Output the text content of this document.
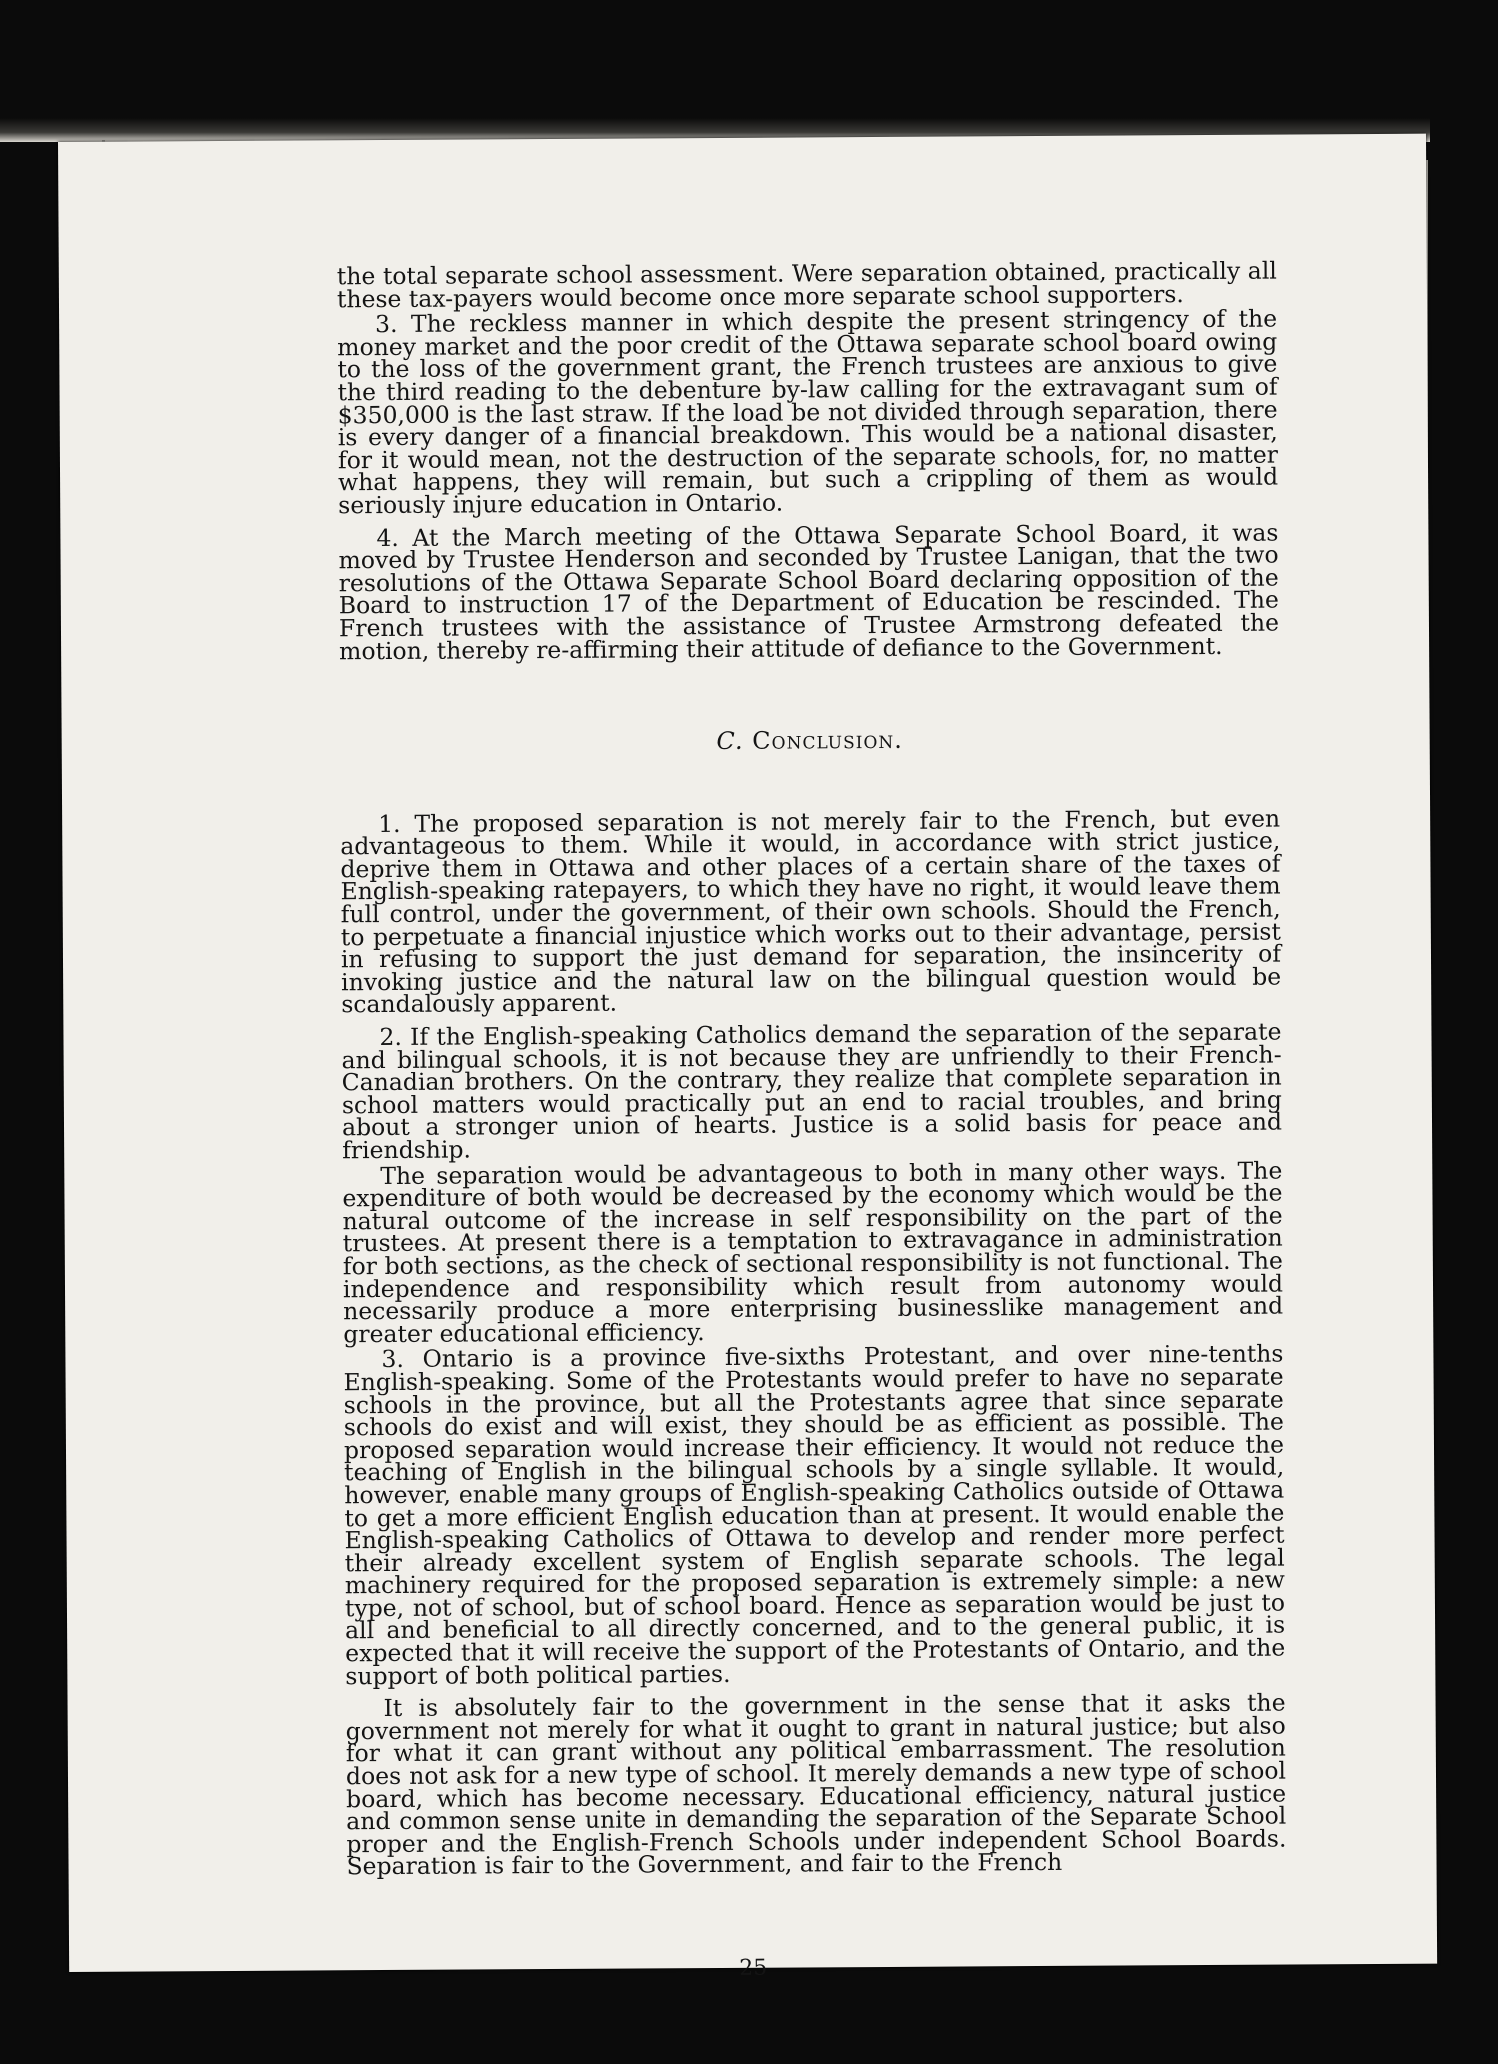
the total separate school assessment. Were separation obtained, practically all these tax-payers would become once more separate school supporters.

3. The reckless manner in which despite the present stringency of the money market and the poor credit of the Ottawa separate school board owing to the loss of the government grant, the French trustees are anxious to give the third reading to the debenture by-law calling for the extravagant sum of $350,000 is the last straw. If the load be not divided through separation, there is every danger of a financial breakdown. This would be a national disaster, for it would mean, not the destruction of the separate schools, for, no matter what happens, they will remain, but such a crippling of them as would seriously injure education in Ontario.

4. At the March meeting of the Ottawa Separate School Board, it was moved by Trustee Henderson and seconded by Trustee Lanigan, that the two resolutions of the Ottawa Separate School Board declaring opposition of the Board to instruction 17 of the Department of Education be rescinded. The French trustees with the assistance of Trustee Armstrong defeated the motion, thereby re-affirming their attitude of defiance to the Government.

C. Conclusion.

1. The proposed separation is not merely fair to the French, but even advantageous to them. While it would, in accordance with strict justice, deprive them in Ottawa and other places of a certain share of the taxes of English-speaking ratepayers, to which they have no right, it would leave them full control, under the government, of their own schools. Should the French, to perpetuate a financial injustice which works out to their advantage, persist in refusing to support the just demand for separation, the insincerity of invoking justice and the natural law on the bilingual question would be scandalously apparent.

2. If the English-speaking Catholics demand the separation of the separate and bilingual schools, it is not because they are unfriendly to their French-Canadian brothers. On the contrary, they realize that complete separation in school matters would practically put an end to racial troubles, and bring about a stronger union of hearts. Justice is a solid basis for peace and friendship.

The separation would be advantageous to both in many other ways. The expenditure of both would be decreased by the economy which would be the natural outcome of the increase in self responsibility on the part of the trustees. At present there is a temptation to extravagance in administration for both sections, as the check of sectional responsibility is not functional. The independence and responsibility which result from autonomy would necessarily produce a more enterprising businesslike management and greater educational efficiency.

3. Ontario is a province five-sixths Protestant, and over nine-tenths English-speaking. Some of the Protestants would prefer to have no separate schools in the province, but all the Protestants agree that since separate schools do exist and will exist, they should be as efficient as possible. The proposed separation would increase their efficiency. It would not reduce the teaching of English in the bilingual schools by a single syllable. It would, however, enable many groups of English-speaking Catholics outside of Ottawa to get a more efficient English education than at present. It would enable the English-speaking Catholics of Ottawa to develop and render more perfect their already excellent system of English separate schools. The legal machinery required for the proposed separation is extremely simple: a new type, not of school, but of school board. Hence as separation would be just to all and beneficial to all directly concerned, and to the general public, it is expected that it will receive the support of the Protestants of Ontario, and the support of both political parties.

It is absolutely fair to the government in the sense that it asks the government not merely for what it ought to grant in natural justice; but also for what it can grant without any political embarrassment. The resolution does not ask for a new type of school. It merely demands a new type of school board, which has become necessary. Educational efficiency, natural justice and common sense unite in demanding the separation of the Separate School proper and the English-French Schools under independent School Boards. Separation is fair to the Government, and fair to the French

25
